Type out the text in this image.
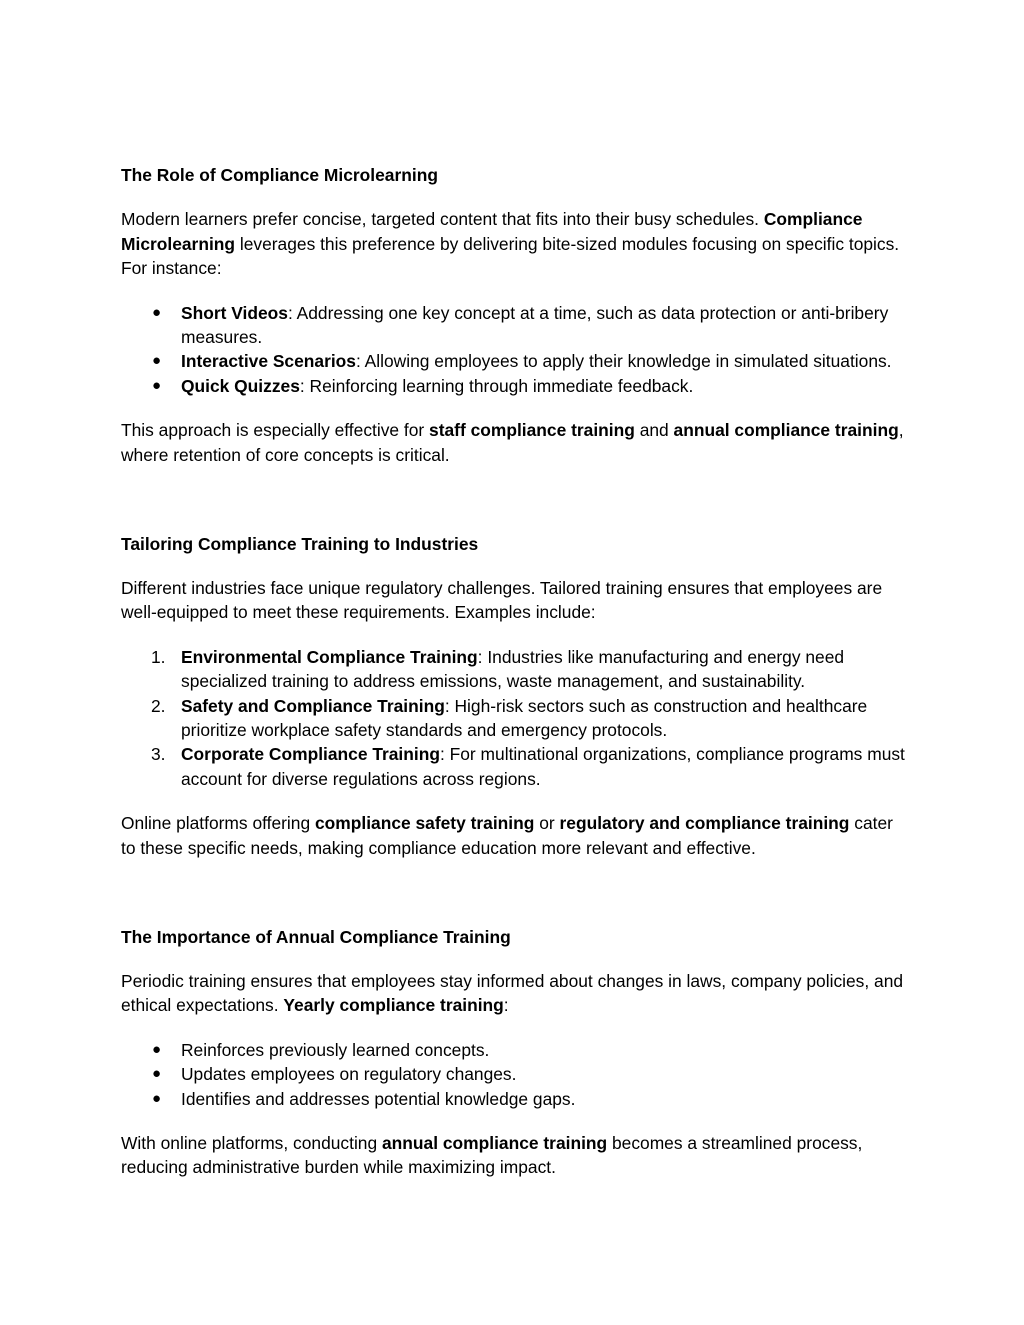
The Role of Compliance Microlearning

Modern learners prefer concise, targeted content that fits into their busy schedules. Compliance Microlearning leverages this preference by delivering bite-sized modules focusing on specific topics. For instance:

● Short Videos: Addressing one key concept at a time, such as data protection or anti-bribery measures.
● Interactive Scenarios: Allowing employees to apply their knowledge in simulated situations.
● Quick Quizzes: Reinforcing learning through immediate feedback.

This approach is especially effective for staff compliance training and annual compliance training, where retention of core concepts is critical.

Tailoring Compliance Training to Industries

Different industries face unique regulatory challenges. Tailored training ensures that employees are well-equipped to meet these requirements. Examples include:

1. Environmental Compliance Training: Industries like manufacturing and energy need specialized training to address emissions, waste management, and sustainability.
2. Safety and Compliance Training: High-risk sectors such as construction and healthcare prioritize workplace safety standards and emergency protocols.
3. Corporate Compliance Training: For multinational organizations, compliance programs must account for diverse regulations across regions.

Online platforms offering compliance safety training or regulatory and compliance training cater to these specific needs, making compliance education more relevant and effective.

The Importance of Annual Compliance Training

Periodic training ensures that employees stay informed about changes in laws, company policies, and ethical expectations. Yearly compliance training:

● Reinforces previously learned concepts.
● Updates employees on regulatory changes.
● Identifies and addresses potential knowledge gaps.

With online platforms, conducting annual compliance training becomes a streamlined process, reducing administrative burden while maximizing impact.
